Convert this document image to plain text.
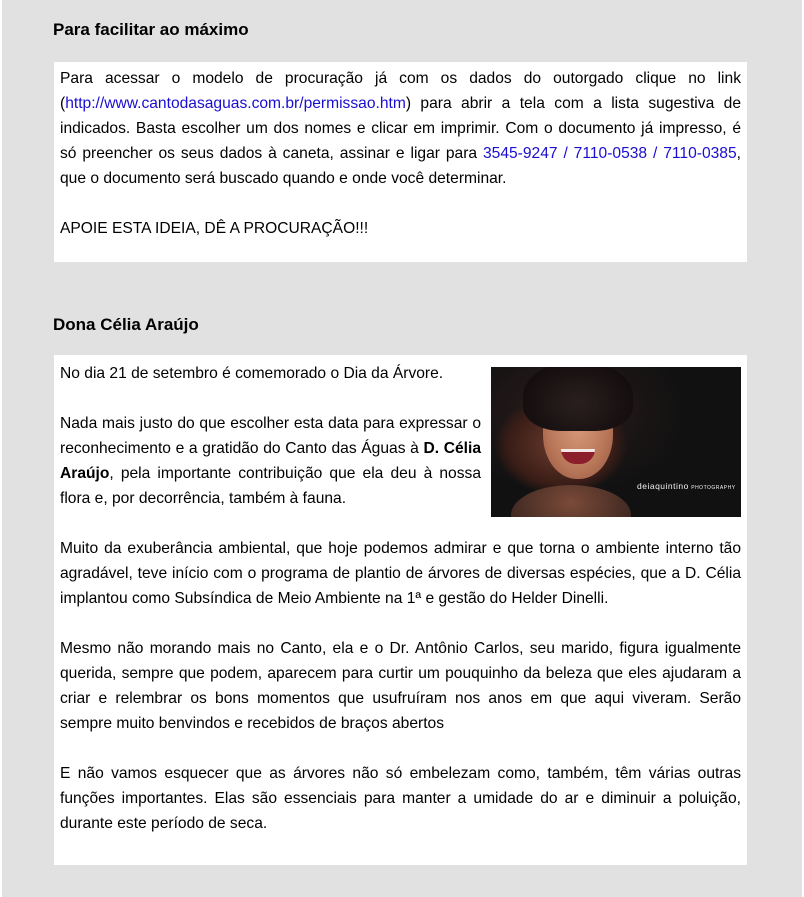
Para facilitar ao máximo

Para acessar o modelo de procuração já com os dados do outorgado clique no link (http://www.cantodasaguas.com.br/permissao.htm) para abrir a tela com a lista sugestiva de indicados. Basta escolher um dos nomes e clicar em imprimir. Com o documento já impresso, é só preencher os seus dados à caneta, assinar e ligar para 3545-9247 / 7110-0538 / 7110-0385, que o documento será buscado quando e onde você determinar.

APOIE ESTA IDEIA, DÊ A PROCURAÇÃO!!!

Dona Célia Araújo
deiaquintino PHOTOGRAPHY

No dia 21 de setembro é comemorado o Dia da Árvore.

Nada mais justo do que escolher esta data para expressar o reconhecimento e a gratidão do Canto das Águas à D. Célia Araújo, pela importante contribuição que ela deu à nossa flora e, por decorrência, também à fauna.

Muito da exuberância ambiental, que hoje podemos admirar e que torna o ambiente interno tão agradável, teve início com o programa de plantio de árvores de diversas espécies, que a D. Célia implantou como Subsíndica de Meio Ambiente na 1ª e gestão do Helder Dinelli.

Mesmo não morando mais no Canto, ela e o Dr. Antônio Carlos, seu marido, figura igualmente querida, sempre que podem, aparecem para curtir um pouquinho da beleza que eles ajudaram a criar e relembrar os bons momentos que usufruíram nos anos em que aqui viveram. Serão sempre muito benvindos e recebidos de braços abertos

E não vamos esquecer que as árvores não só embelezam como, também, têm várias outras funções importantes. Elas são essenciais para manter a umidade do ar e diminuir a poluição, durante este período de seca.
